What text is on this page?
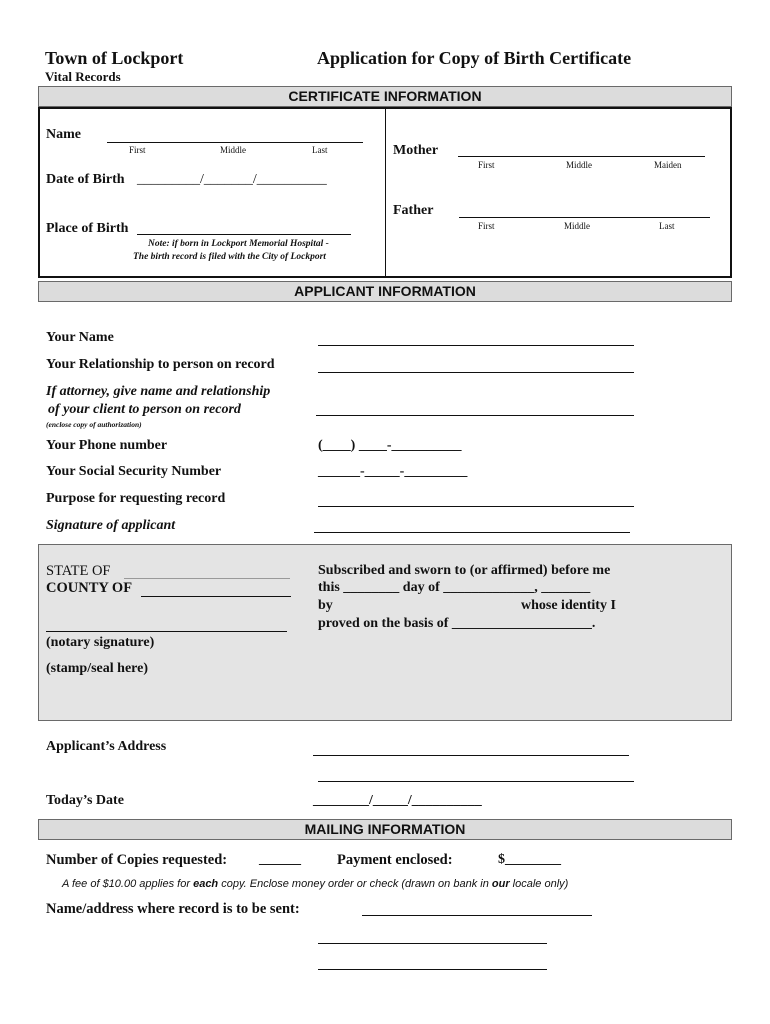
Town of Lockport
Vital Records
Application for Copy of Birth Certificate
CERTIFICATE INFORMATION
Name
First	Middle	Last
Date of Birth _________/_______/__________
Place of Birth
Note: if born in Lockport Memorial Hospital -
The birth record is filed with the City of Lockport
Mother
First	Middle	Maiden
Father
First	Middle	Last
APPLICANT INFORMATION
Your Name
Your Relationship to person on record
If attorney, give name and relationship
of your client to person on record
(enclose copy of authorization)
Your Phone number	(____) ____-__________
Your Social Security Number	______-_____-_________
Purpose for requesting record
Signature of applicant
STATE OF
COUNTY OF
(notary signature)
(stamp/seal here)
Subscribed and sworn to (or affirmed) before me
this ________ day of _____________, _______
by	whose identity I
proved on the basis of ____________________.
Applicant’s Address
Today’s Date	________/_____/__________
MAILING INFORMATION
Number of Copies requested: ______ Payment enclosed:	$________
A fee of $10.00 applies for each copy. Enclose money order or check (drawn on bank in our locale only)
Name/address where record is to be sent:
